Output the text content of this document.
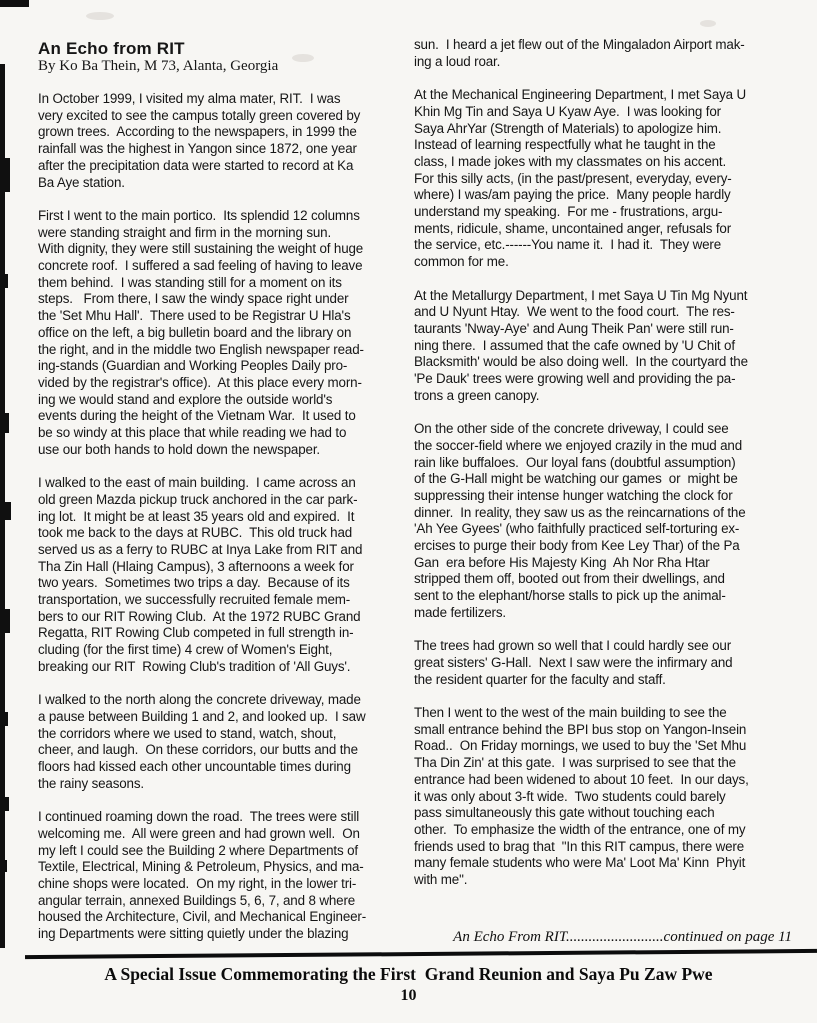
An Echo from RIT
By Ko Ba Thein, M 73, Alanta, Georgia
In October 1999, I visited my alma mater, RIT.  I was
very excited to see the campus totally green covered by
grown trees.  According to the newspapers, in 1999 the
rainfall was the highest in Yangon since 1872, one year
after the precipitation data were started to record at Ka
Ba Aye station.
First I went to the main portico.  Its splendid 12 columns
were standing straight and firm in the morning sun.
With dignity, they were still sustaining the weight of huge
concrete roof.  I suffered a sad feeling of having to leave
them behind.  I was standing still for a moment on its
steps.   From there, I saw the windy space right under
the 'Set Mhu Hall'.  There used to be Registrar U Hla's
office on the left, a big bulletin board and the library on
the right, and in the middle two English newspaper read-
ing-stands (Guardian and Working Peoples Daily pro-
vided by the registrar's office).  At this place every morn-
ing we would stand and explore the outside world's
events during the height of the Vietnam War.  It used to
be so windy at this place that while reading we had to
use our both hands to hold down the newspaper.
I walked to the east of main building.  I came across an
old green Mazda pickup truck anchored in the car park-
ing lot.  It might be at least 35 years old and expired.  It
took me back to the days at RUBC.  This old truck had
served us as a ferry to RUBC at Inya Lake from RIT and
Tha Zin Hall (Hlaing Campus), 3 afternoons a week for
two years.  Sometimes two trips a day.  Because of its
transportation, we successfully recruited female mem-
bers to our RIT Rowing Club.  At the 1972 RUBC Grand
Regatta, RIT Rowing Club competed in full strength in-
cluding (for the first time) 4 crew of Women's Eight,
breaking our RIT  Rowing Club's tradition of 'All Guys'.
I walked to the north along the concrete driveway, made
a pause between Building 1 and 2, and looked up.  I saw
the corridors where we used to stand, watch, shout,
cheer, and laugh.  On these corridors, our butts and the
floors had kissed each other uncountable times during
the rainy seasons.
I continued roaming down the road.  The trees were still
welcoming me.  All were green and had grown well.  On
my left I could see the Building 2 where Departments of
Textile, Electrical, Mining & Petroleum, Physics, and ma-
chine shops were located.  On my right, in the lower tri-
angular terrain, annexed Buildings 5, 6, 7, and 8 where
housed the Architecture, Civil, and Mechanical Engineer-
ing Departments were sitting quietly under the blazing
sun.  I heard a jet flew out of the Mingaladon Airport mak-
ing a loud roar.
At the Mechanical Engineering Department, I met Saya U
Khin Mg Tin and Saya U Kyaw Aye.  I was looking for
Saya AhrYar (Strength of Materials) to apologize him.
Instead of learning respectfully what he taught in the
class, I made jokes with my classmates on his accent.
For this silly acts, (in the past/present, everyday, every-
where) I was/am paying the price.  Many people hardly
understand my speaking.  For me - frustrations, argu-
ments, ridicule, shame, uncontained anger, refusals for
the service, etc.------You name it.  I had it.  They were
common for me.
At the Metallurgy Department, I met Saya U Tin Mg Nyunt
and U Nyunt Htay.  We went to the food court.  The res-
taurants 'Nway-Aye' and Aung Theik Pan' were still run-
ning there.  I assumed that the cafe owned by 'U Chit of
Blacksmith' would be also doing well.  In the courtyard the
'Pe Dauk' trees were growing well and providing the pa-
trons a green canopy.
On the other side of the concrete driveway, I could see
the soccer-field where we enjoyed crazily in the mud and
rain like buffaloes.  Our loyal fans (doubtful assumption)
of the G-Hall might be watching our games  or  might be
suppressing their intense hunger watching the clock for
dinner.  In reality, they saw us as the reincarnations of the
'Ah Yee Gyees' (who faithfully practiced self-torturing ex-
ercises to purge their body from Kee Ley Thar) of the Pa
Gan  era before His Majesty King  Ah Nor Rha Htar
stripped them off, booted out from their dwellings, and
sent to the elephant/horse stalls to pick up the animal-
made fertilizers.
The trees had grown so well that I could hardly see our
great sisters' G-Hall.  Next I saw were the infirmary and
the resident quarter for the faculty and staff.
Then I went to the west of the main building to see the
small entrance behind the BPI bus stop on Yangon-Insein
Road..  On Friday mornings, we used to buy the 'Set Mhu
Tha Din Zin' at this gate.  I was surprised to see that the
entrance had been widened to about 10 feet.  In our days,
it was only about 3-ft wide.  Two students could barely
pass simultaneously this gate without touching each
other.  To emphasize the width of the entrance, one of my
friends used to brag that  "In this RIT campus, there were
many female students who were Ma' Loot Ma' Kinn  Phyit
with me".
An Echo From RIT..........................continued on page 11
A Special Issue Commemorating the First  Grand Reunion and Saya Pu Zaw Pwe
10
